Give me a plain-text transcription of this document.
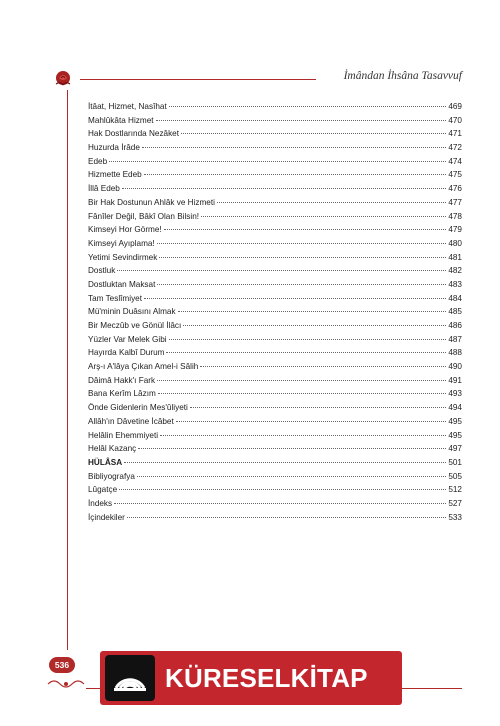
İmândan İhsâna Tasavvuf
İtâat, Hizmet, Nasîhat	469
Mahlûkâta Hizmet	470
Hak Dostlarında Nezâket	471
Huzurda İrâde	472
Edeb	474
Hizmette Edeb	475
İllâ Edeb	476
Bir Hak Dostunun Ahlâk ve Hizmeti	477
Fânîler Değil, Bâkî Olan Bilsin!	478
Kimseyi Hor Görme!	479
Kimseyi Ayıplama!	480
Yetimi Sevindirmek	481
Dostluk	482
Dostluktan Maksat	483
Tam Teslîmiyet	484
Mü'minin Duâsını Almak	485
Bir Meczûb ve Gönül İlâcı	486
Yüzler Var Melek Gibi	487
Hayırda Kalbî Durum	488
Arş-ı A'lâya Çıkan Amel-i Sâlih	490
Dâimâ Hakk'ı Fark	491
Bana Kerîm Lâzım	493
Önde Gidenlerin Mes'ûliyeti	494
Allâh'ın Dâvetine İcâbet	495
Helâlin Ehemmiyeti	495
Helâl Kazanç	497
HÜLÂSA	501
Bibliyografya	505
Lûgatçe	512
İndeks	527
İçindekiler	533
536	KÜRESELKİTAP
